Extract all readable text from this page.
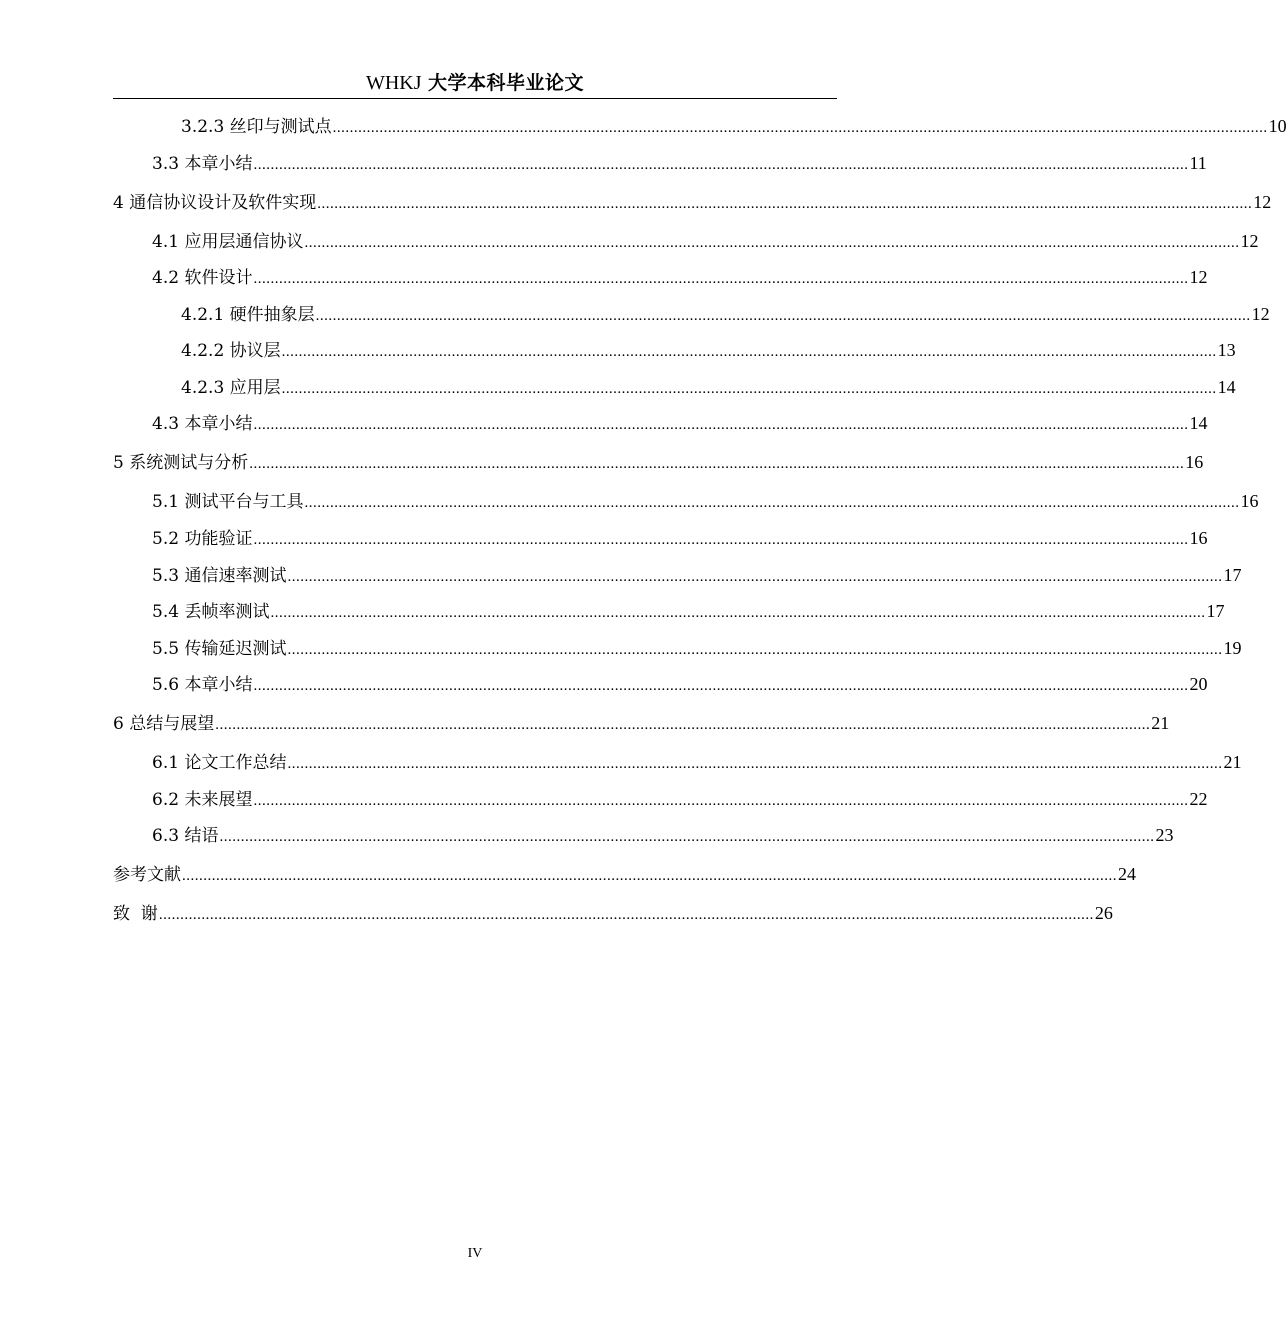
WHKJ 大学本科毕业论文
3.2.3 丝印与测试点 ............................................................................................................................................................................................................................ 10
3.3 本章小结 ............................................................................................................................................................................................................................ 11
4 通信协议设计及软件实现 ............................................................................................................................................................................................................................ 12
4.1 应用层通信协议 ............................................................................................................................................................................................................................ 12
4.2 软件设计 ............................................................................................................................................................................................................................ 12
4.2.1 硬件抽象层 ............................................................................................................................................................................................................................ 12
4.2.2 协议层 ............................................................................................................................................................................................................................ 13
4.2.3 应用层 ............................................................................................................................................................................................................................ 14
4.3 本章小结 ............................................................................................................................................................................................................................ 14
5 系统测试与分析 ............................................................................................................................................................................................................................ 16
5.1 测试平台与工具 ............................................................................................................................................................................................................................ 16
5.2 功能验证 ............................................................................................................................................................................................................................ 16
5.3 通信速率测试 ............................................................................................................................................................................................................................ 17
5.4 丢帧率测试 ............................................................................................................................................................................................................................ 17
5.5 传输延迟测试 ............................................................................................................................................................................................................................ 19
5.6 本章小结 ............................................................................................................................................................................................................................ 20
6 总结与展望 ............................................................................................................................................................................................................................ 21
6.1 论文工作总结 ............................................................................................................................................................................................................................ 21
6.2 未来展望 ............................................................................................................................................................................................................................ 22
6.3 结语 ............................................................................................................................................................................................................................ 23
参考文献 ............................................................................................................................................................................................................................ 24
致  谢 ............................................................................................................................................................................................................................ 26
IV
